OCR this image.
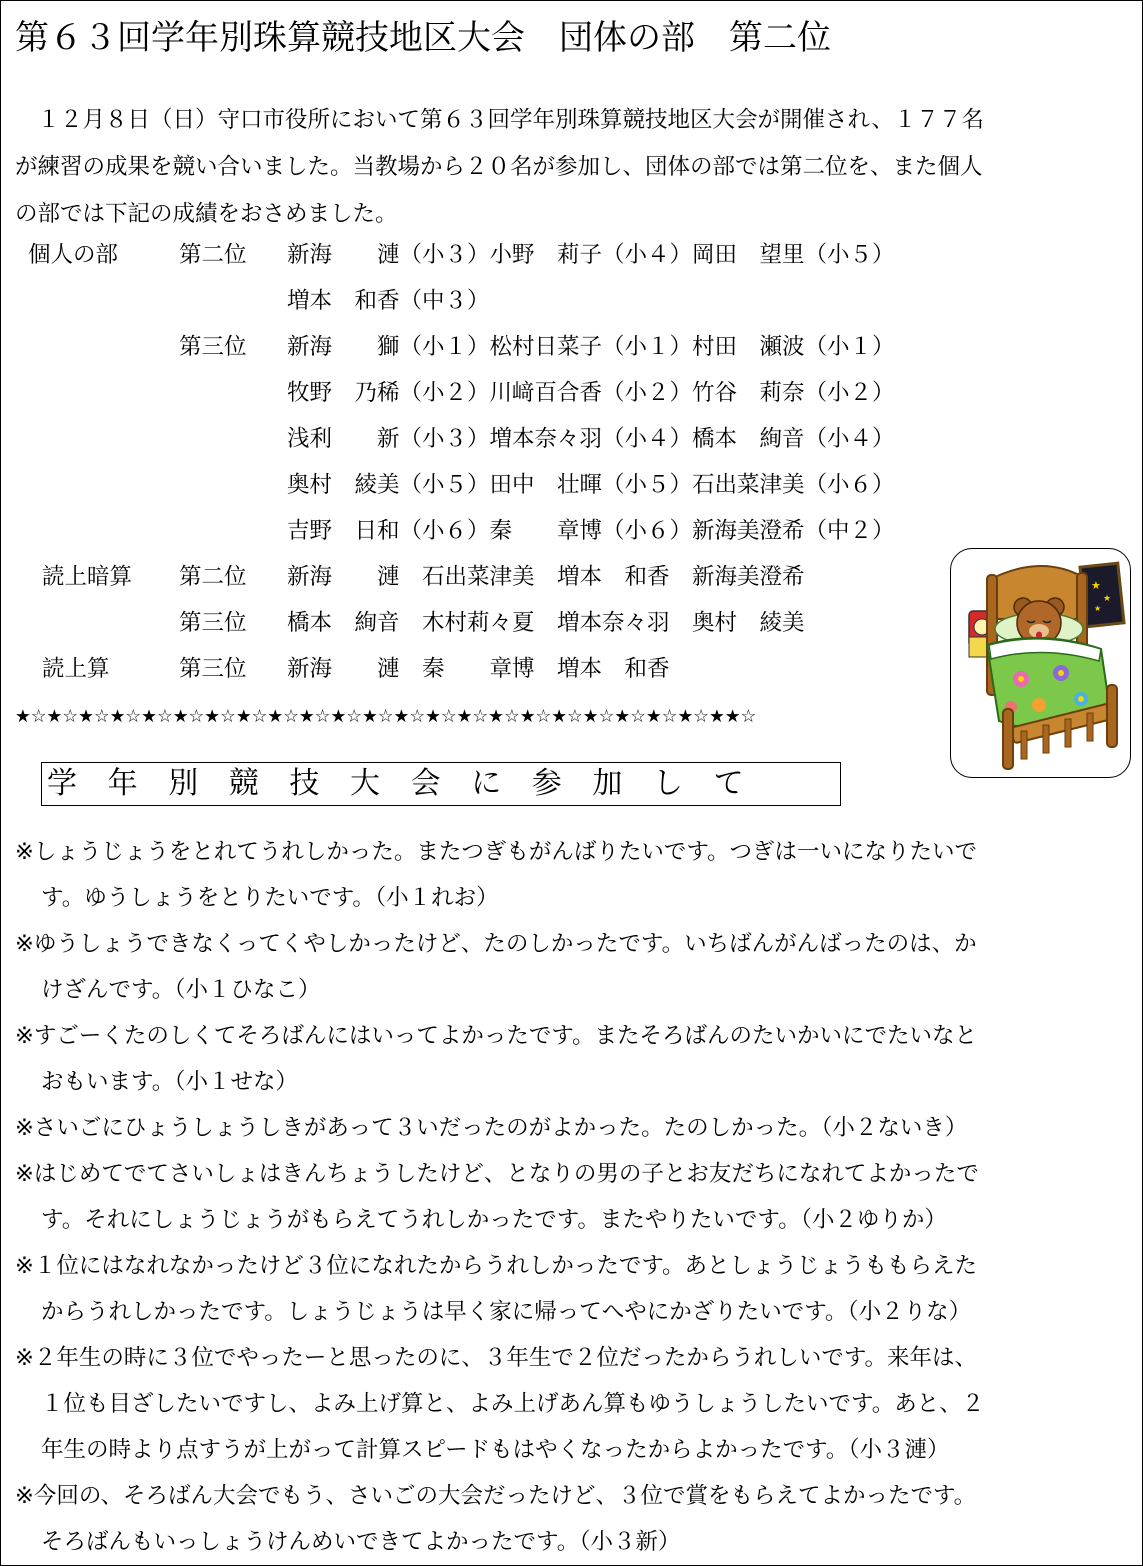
第６３回学年別珠算競技地区大会　団体の部　第二位
　１２月８日（日）守口市役所において第６３回学年別珠算競技地区大会が開催され、１７７名
が練習の成果を競い合いました。当教場から２０名が参加し、団体の部では第二位を、また個人
の部では下記の成績をおさめました。
個人の部	第二位 新海　　漣（小３）小野　莉子（小４）岡田　望里（小５）
増本　和香（中３）
第三位 新海　　獅（小１）松村日菜子（小１）村田　瀬波（小１）
牧野　乃稀（小２）川﨑百合香（小２）竹谷　莉奈（小２）
浅利　　新（小３）増本奈々羽（小４）橋本　絢音（小４）
奥村　綾美（小５）田中　壮暉（小５）石出菜津美（小６）
吉野　日和（小６）秦　　章博（小６）新海美澄希（中２）
読上暗算 第二位 新海　　漣　石出菜津美　増本　和香　新海美澄希
第三位 橋本　絢音　木村莉々夏　増本奈々羽　奥村　綾美
読上算	第三位 新海　　漣　秦　　章博　増本　和香
★☆★☆★☆★☆★☆★☆★☆★☆★☆★☆★☆★☆★☆★☆★☆★☆★☆★☆★☆★☆★☆★☆★★☆
★
★
★
学年別競技大会に参加して
※しょうじょうをとれてうれしかった。またつぎもがんばりたいです。つぎは一いになりたいで
す。ゆうしょうをとりたいです。（小１れお）
※ゆうしょうできなくってくやしかったけど、たのしかったです。いちばんがんばったのは、か
けざんです。（小１ひなこ）
※すごーくたのしくてそろばんにはいってよかったです。またそろばんのたいかいにでたいなと
おもいます。（小１せな）
※さいごにひょうしょうしきがあって３いだったのがよかった。たのしかった。（小２ないき）
※はじめてでてさいしょはきんちょうしたけど、となりの男の子とお友だちになれてよかったで
す。それにしょうじょうがもらえてうれしかったです。またやりたいです。（小２ゆりか）
※１位にはなれなかったけど３位になれたからうれしかったです。あとしょうじょうももらえた
からうれしかったです。しょうじょうは早く家に帰ってへやにかざりたいです。（小２りな）
※２年生の時に３位でやったーと思ったのに、３年生で２位だったからうれしいです。来年は、
１位も目ざしたいですし、よみ上げ算と、よみ上げあん算もゆうしょうしたいです。あと、２
年生の時より点すうが上がって計算スピードもはやくなったからよかったです。（小３漣）
※今回の、そろばん大会でもう、さいごの大会だったけど、３位で賞をもらえてよかったです。
そろばんもいっしょうけんめいできてよかったです。（小３新）
